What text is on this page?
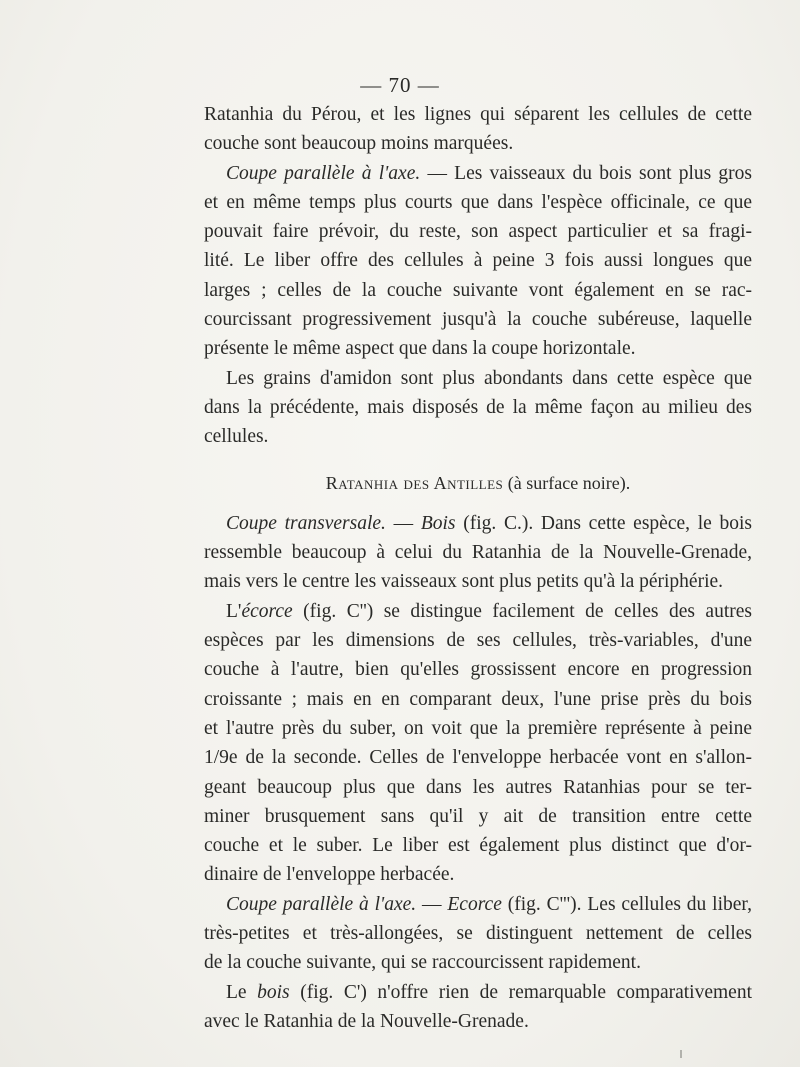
— 70 —
Ratanhia du Pérou, et les lignes qui séparent les cellules de cette
couche sont beaucoup moins marquées.
Coupe parallèle à l'axe. — Les vaisseaux du bois sont plus gros
et en même temps plus courts que dans l'espèce officinale, ce que
pouvait faire prévoir, du reste, son aspect particulier et sa fragi-
lité. Le liber offre des cellules à peine 3 fois aussi longues que
larges ; celles de la couche suivante vont également en se rac-
courcissant progressivement jusqu'à la couche subéreuse, laquelle
présente le même aspect que dans la coupe horizontale.
Les grains d'amidon sont plus abondants dans cette espèce que
dans la précédente, mais disposés de la même façon au milieu des
cellules.
Ratanhia des Antilles (à surface noire).
Coupe transversale. — Bois (fig. C.). Dans cette espèce, le bois
ressemble beaucoup à celui du Ratanhia de la Nouvelle-Grenade,
mais vers le centre les vaisseaux sont plus petits qu'à la périphérie.
L'écorce (fig. C'') se distingue facilement de celles des autres
espèces par les dimensions de ses cellules, très-variables, d'une
couche à l'autre, bien qu'elles grossissent encore en progression
croissante ; mais en en comparant deux, l'une prise près du bois
et l'autre près du suber, on voit que la première représente à peine
1/9e de la seconde. Celles de l'enveloppe herbacée vont en s'allon-
geant beaucoup plus que dans les autres Ratanhias pour se ter-
miner brusquement sans qu'il y ait de transition entre cette
couche et le suber. Le liber est également plus distinct que d'or-
dinaire de l'enveloppe herbacée.
Coupe parallèle à l'axe. — Ecorce (fig. C'''). Les cellules du liber,
très-petites et très-allongées, se distinguent nettement de celles
de la couche suivante, qui se raccourcissent rapidement.
Le bois (fig. C') n'offre rien de remarquable comparativement
avec le Ratanhia de la Nouvelle-Grenade.
